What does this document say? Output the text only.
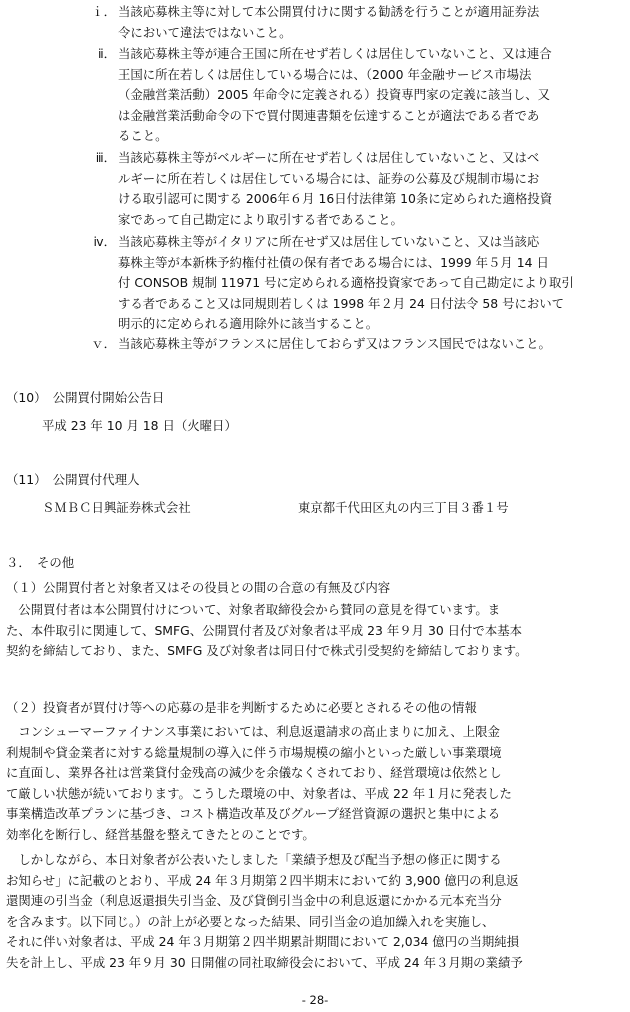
ｉ． 当該応募株主等に対して本公開買付けに関する勧誘を行うことが適用証券法
令において違法ではないこと。
ⅱ． 当該応募株主等が連合王国に所在せず若しくは居住していないこと、又は連合
王国に所在若しくは居住している場合には、（2000 年金融サービス市場法
（金融営業活動）2005 年命令に定義される）投資専門家の定義に該当し、又
は金融営業活動命令の下で買付関連書類を伝達することが適法である者であ
ること。
ⅲ． 当該応募株主等がベルギーに所在せず若しくは居住していないこと、又はベ
ルギーに所在若しくは居住している場合には、証券の公募及び規制市場にお
ける取引認可に関する 2006年６月 16日付法律第 10条に定められた適格投資
家であって自己勘定により取引する者であること。
ⅳ． 当該応募株主等がイタリアに所在せず又は居住していないこと、又は当該応
募株主等が本新株予約権付社債の保有者である場合には、1999 年５月 14 日
付 CONSOB 規制 11971 号に定められる適格投資家であって自己勘定により取引
する者であること又は同規則若しくは 1998 年２月 24 日付法令 58 号において
明示的に定められる適用除外に該当すること。
ｖ． 当該応募株主等がフランスに居住しておらず又はフランス国民ではないこと。
（10）　公開買付開始公告日
平成 23 年 10 月 18 日（火曜日）
（11）　公開買付代理人
ＳＭＢＣ日興証券株式会社	東京都千代田区丸の内三丁目３番１号
３．　その他
（１）公開買付者と対象者又はその役員との間の合意の有無及び内容
　公開買付者は本公開買付けについて、対象者取締役会から賛同の意見を得ています。ま
た、本件取引に関連して、SMFG、公開買付者及び対象者は平成 23 年９月 30 日付で本基本
契約を締結しており、また、SMFG 及び対象者は同日付で株式引受契約を締結しております。
（２）投資者が買付け等への応募の是非を判断するために必要とされるその他の情報
　コンシューマーファイナンス事業においては、利息返還請求の高止まりに加え、上限金
利規制や貸金業者に対する総量規制の導入に伴う市場規模の縮小といった厳しい事業環境
に直面し、業界各社は営業貸付金残高の減少を余儀なくされており、経営環境は依然とし
て厳しい状態が続いております。こうした環境の中、対象者は、平成 22 年１月に発表した
事業構造改革プランに基づき、コスト構造改革及びグループ経営資源の選択と集中による
効率化を断行し、経営基盤を整えてきたとのことです。
　しかしながら、本日対象者が公表いたしました「業績予想及び配当予想の修正に関する
お知らせ」に記載のとおり、平成 24 年３月期第２四半期末において約 3,900 億円の利息返
還関連の引当金（利息返還損失引当金、及び貸倒引当金中の利息返還にかかる元本充当分
を含みます。以下同じ。）の計上が必要となった結果、同引当金の追加繰入れを実施し、
それに伴い対象者は、平成 24 年３月期第２四半期累計期間において 2,034 億円の当期純損
失を計上し、平成 23 年９月 30 日開催の同社取締役会において、平成 24 年３月期の業績予
- 28-
